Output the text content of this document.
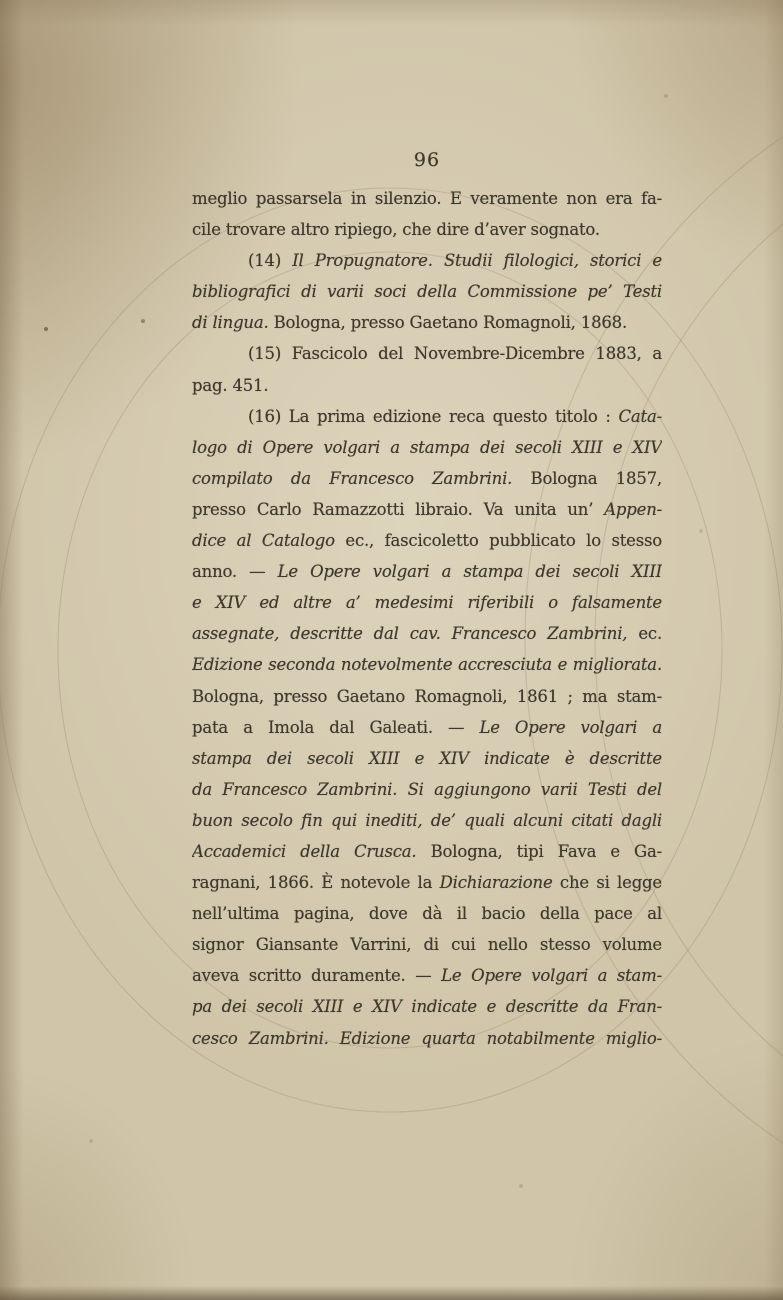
96
meglio passarsela in silenzio. E veramente non era fa-
cile trovare altro ripiego, che dire d’aver sognato.
(14) Il Propugnatore. Studii filologici, storici e
bibliografici di varii soci della Commissione pe’ Testi
di lingua. Bologna, presso Gaetano Romagnoli, 1868.
(15) Fascicolo del Novembre-Dicembre 1883, a
pag. 451.
(16) La prima edizione reca questo titolo : Cata-
logo di Opere volgari a stampa dei secoli XIII e XIV
compilato da Francesco Zambrini. Bologna 1857,
presso Carlo Ramazzotti libraio. Va unita un’ Appen-
dice al Catalogo ec., fascicoletto pubblicato lo stesso
anno. — Le Opere volgari a stampa dei secoli XIII
e XIV ed altre a’ medesimi riferibili o falsamente
assegnate, descritte dal cav. Francesco Zambrini, ec.
Edizione seconda notevolmente accresciuta e migliorata.
Bologna, presso Gaetano Romagnoli, 1861 ; ma stam-
pata a Imola dal Galeati. — Le Opere volgari a
stampa dei secoli XIII e XIV indicate è descritte
da Francesco Zambrini. Si aggiungono varii Testi del
buon secolo fin qui inediti, de’ quali alcuni citati dagli
Accademici della Crusca. Bologna, tipi Fava e Ga-
ragnani, 1866. È notevole la Dichiarazione che si legge
nell’ultima pagina, dove dà il bacio della pace al
signor Giansante Varrini, di cui nello stesso volume
aveva scritto duramente. — Le Opere volgari a stam-
pa dei secoli XIII e XIV indicate e descritte da Fran-
cesco Zambrini. Edizione quarta notabilmente miglio-
